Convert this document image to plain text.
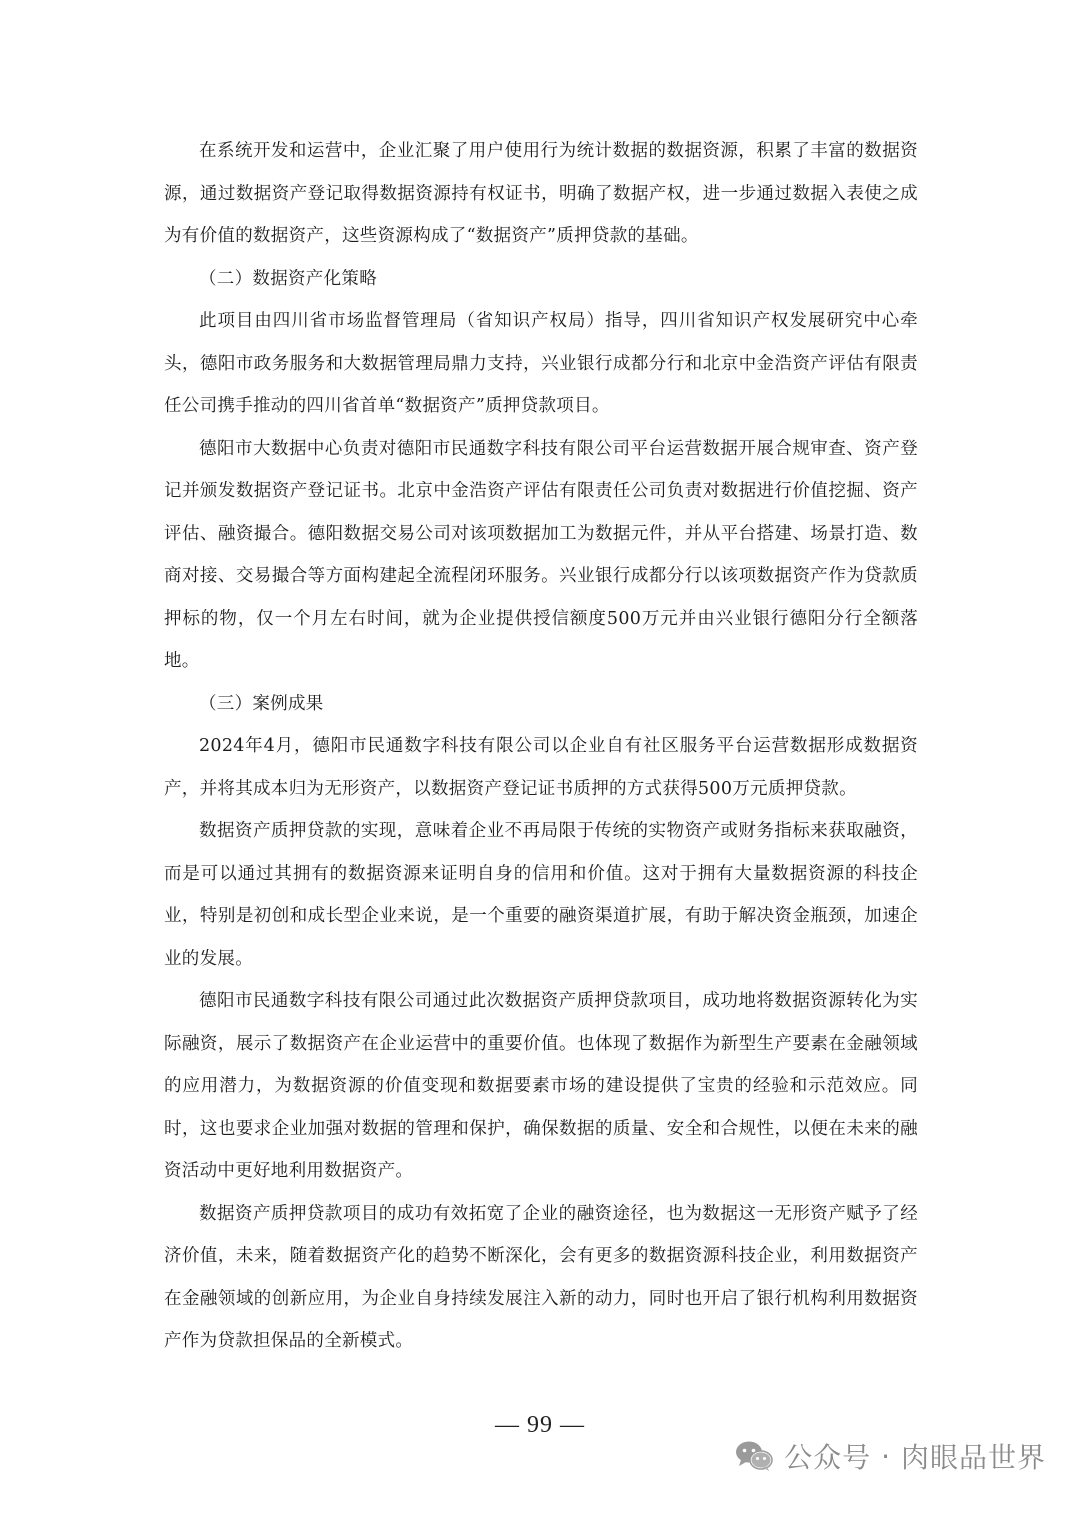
在系统开发和运营中，企业汇聚了用户使用行为统计数据的数据资源，积累了丰富的数据资源，通过数据资产登记取得数据资源持有权证书，明确了数据产权，进一步通过数据入表使之成为有价值的数据资产，这些资源构成了“数据资产”质押贷款的基础。

（二）数据资产化策略

此项目由四川省市场监督管理局（省知识产权局）指导，四川省知识产权发展研究中心牵头，德阳市政务服务和大数据管理局鼎力支持，兴业银行成都分行和北京中金浩资产评估有限责任公司携手推动的四川省首单“数据资产”质押贷款项目。

德阳市大数据中心负责对德阳市民通数字科技有限公司平台运营数据开展合规审查、资产登记并颁发数据资产登记证书。北京中金浩资产评估有限责任公司负责对数据进行价值挖掘、资产评估、融资撮合。德阳数据交易公司对该项数据加工为数据元件，并从平台搭建、场景打造、数商对接、交易撮合等方面构建起全流程闭环服务。兴业银行成都分行以该项数据资产作为贷款质押标的物，仅一个月左右时间，就为企业提供授信额度500万元并由兴业银行德阳分行全额落地。

（三）案例成果

2024年4月，德阳市民通数字科技有限公司以企业自有社区服务平台运营数据形成数据资产，并将其成本归为无形资产，以数据资产登记证书质押的方式获得500万元质押贷款。

数据资产质押贷款的实现，意味着企业不再局限于传统的实物资产或财务指标来获取融资，而是可以通过其拥有的数据资源来证明自身的信用和价值。这对于拥有大量数据资源的科技企业，特别是初创和成长型企业来说，是一个重要的融资渠道扩展，有助于解决资金瓶颈，加速企业的发展。

德阳市民通数字科技有限公司通过此次数据资产质押贷款项目，成功地将数据资源转化为实际融资，展示了数据资产在企业运营中的重要价值。也体现了数据作为新型生产要素在金融领域的应用潜力，为数据资源的价值变现和数据要素市场的建设提供了宝贵的经验和示范效应。同时，这也要求企业加强对数据的管理和保护，确保数据的质量、安全和合规性，以便在未来的融资活动中更好地利用数据资产。

数据资产质押贷款项目的成功有效拓宽了企业的融资途径，也为数据这一无形资产赋予了经济价值，未来，随着数据资产化的趋势不断深化，会有更多的数据资源科技企业，利用数据资产在金融领域的创新应用，为企业自身持续发展注入新的动力，同时也开启了银行机构利用数据资产作为贷款担保品的全新模式。

— 99 —
公众号 · 肉眼品世界
